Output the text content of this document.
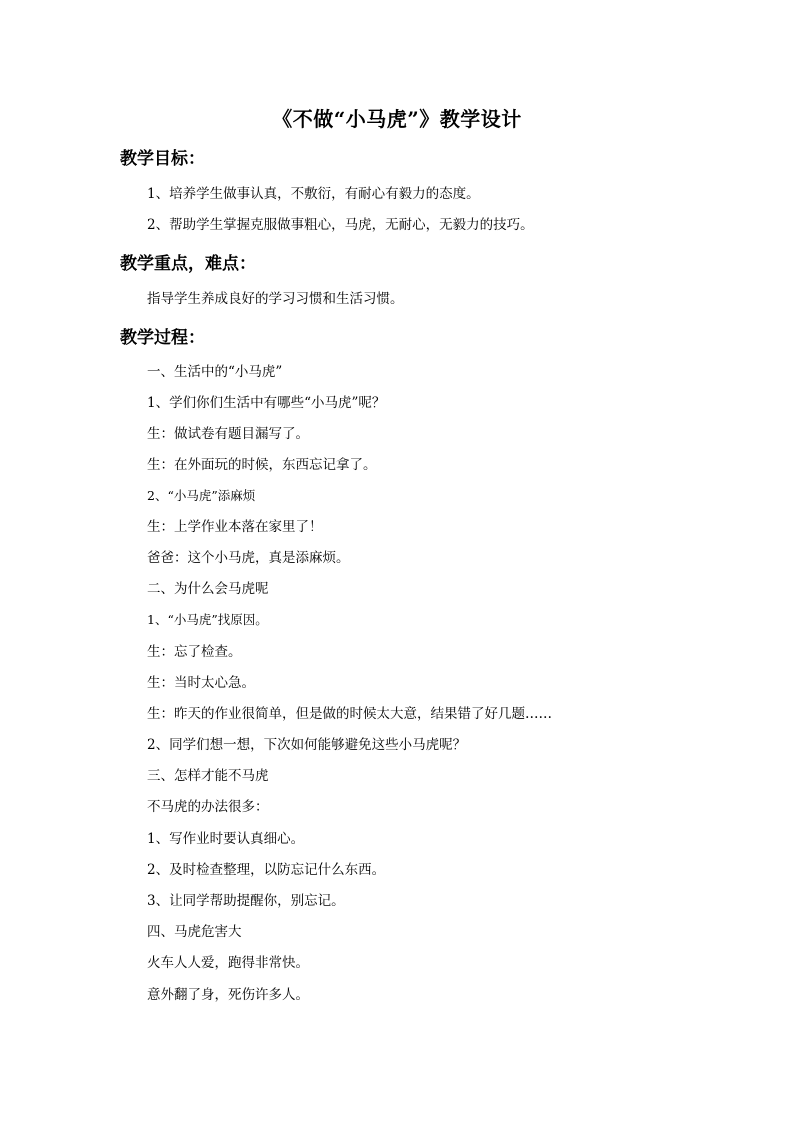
《不做“小马虎”》教学设计
教学目标：
1、培养学生做事认真，不敷衍，有耐心有毅力的态度。
2、帮助学生掌握克服做事粗心，马虎，无耐心，无毅力的技巧。
教学重点，难点：
指导学生养成良好的学习习惯和生活习惯。
教学过程：
一、生活中的“小马虎”
1、学们你们生活中有哪些“小马虎”呢？
生：做试卷有题目漏写了。
生：在外面玩的时候，东西忘记拿了。
2、“小马虎”添麻烦
生：上学作业本落在家里了！
爸爸：这个小马虎，真是添麻烦。
二、为什么会马虎呢
1、“小马虎”找原因。
生：忘了检查。
生：当时太心急。
生：昨天的作业很简单，但是做的时候太大意，结果错了好几题……
2、同学们想一想，下次如何能够避免这些小马虎呢？
三、怎样才能不马虎
不马虎的办法很多：
1、写作业时要认真细心。
2、及时检查整理，以防忘记什么东西。
3、让同学帮助提醒你，别忘记。
四、马虎危害大
火车人人爱，跑得非常快。
意外翻了身，死伤许多人。
